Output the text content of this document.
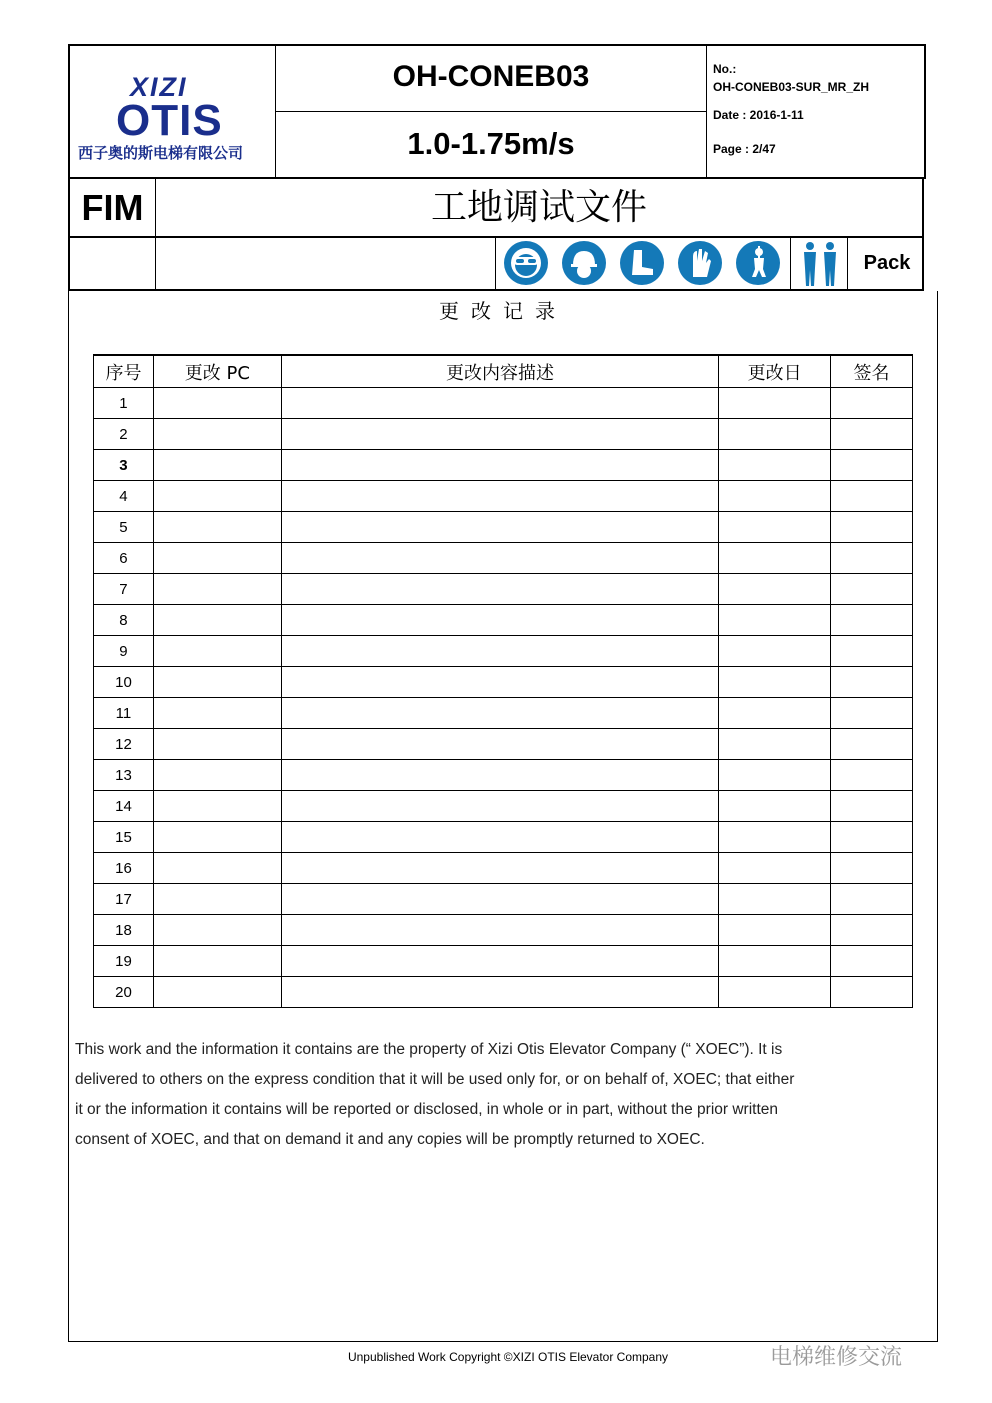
XIZI
OTIS
西子奥的斯电梯有限公司
OH-CONEB03
1.0-1.75m/s
No.:
OH-CONEB03-SUR_MR_ZH
Date : 2016-1-11
Page : 2/47
FIM	工地调试文件
Pack
更改记录
序号	更改 PC	更改内容描述	更改日	签名
1				
2				
3				
4				
5				
6				
7				
8				
9				
10				
11				
12				
13				
14				
15				
16				
17				
18				
19				
20				
This work and the information it contains are the property of Xizi Otis Elevator Company (“ XOEC”). It is
delivered to others on the express condition that it will be used only for, or on behalf of, XOEC; that either
it or the information it contains will be reported or disclosed, in whole or in part, without the prior written
consent of XOEC, and that on demand it and any copies will be promptly returned to XOEC.
Unpublished Work Copyright ©XIZI OTIS Elevator Company	电梯维修交流
